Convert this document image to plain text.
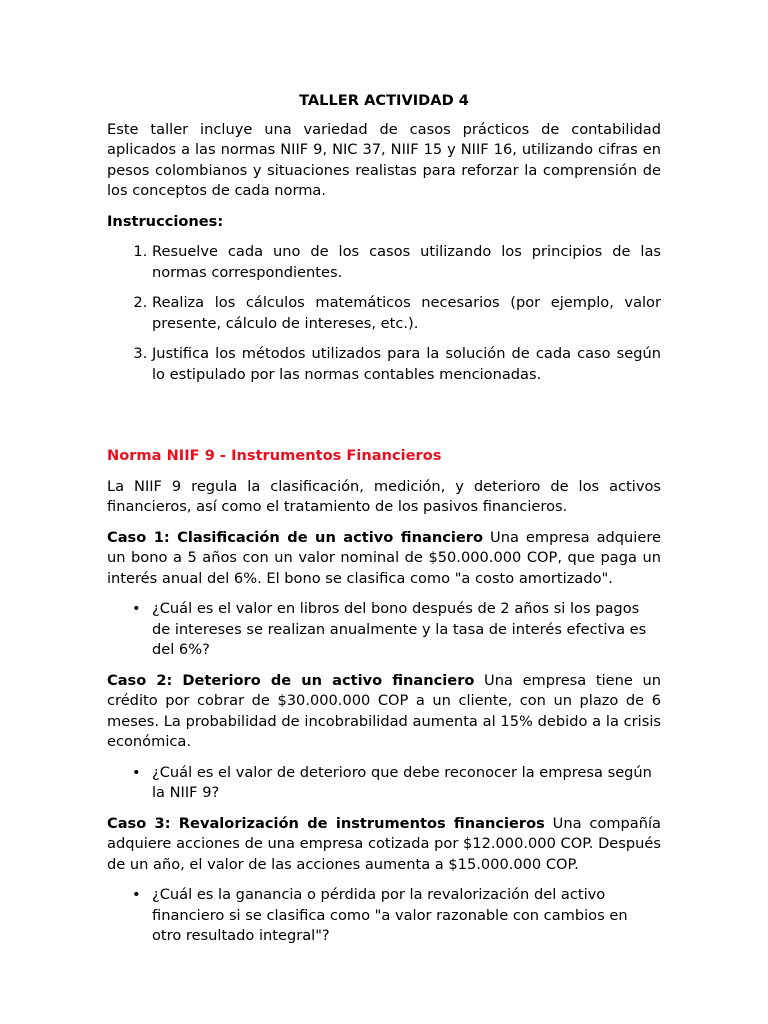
TALLER ACTIVIDAD 4

Este taller incluye una variedad de casos prácticos de contabilidad aplicados a las normas NIIF 9, NIC 37, NIIF 15 y NIIF 16, utilizando cifras en pesos colombianos y situaciones realistas para reforzar la comprensión de los conceptos de cada norma.

Instrucciones:

1. Resuelve cada uno de los casos utilizando los principios de las normas correspondientes.
2. Realiza los cálculos matemáticos necesarios (por ejemplo, valor presente, cálculo de intereses, etc.).
3. Justifica los métodos utilizados para la solución de cada caso según lo estipulado por las normas contables mencionadas.

Norma NIIF 9 - Instrumentos Financieros

La NIIF 9 regula la clasificación, medición, y deterioro de los activos financieros, así como el tratamiento de los pasivos financieros.

Caso 1: Clasificación de un activo financiero Una empresa adquiere un bono a 5 años con un valor nominal de $50.000.000 COP, que paga un interés anual del 6%. El bono se clasifica como "a costo amortizado".

• ¿Cuál es el valor en libros del bono después de 2 años si los pagos de intereses se realizan anualmente y la tasa de interés efectiva es del 6%?

Caso 2: Deterioro de un activo financiero Una empresa tiene un crédito por cobrar de $30.000.000 COP a un cliente, con un plazo de 6 meses. La probabilidad de incobrabilidad aumenta al 15% debido a la crisis económica.

• ¿Cuál es el valor de deterioro que debe reconocer la empresa según la NIIF 9?

Caso 3: Revalorización de instrumentos financieros Una compañía adquiere acciones de una empresa cotizada por $12.000.000 COP. Después de un año, el valor de las acciones aumenta a $15.000.000 COP.

• ¿Cuál es la ganancia o pérdida por la revalorización del activo financiero si se clasifica como "a valor razonable con cambios en otro resultado integral"?
